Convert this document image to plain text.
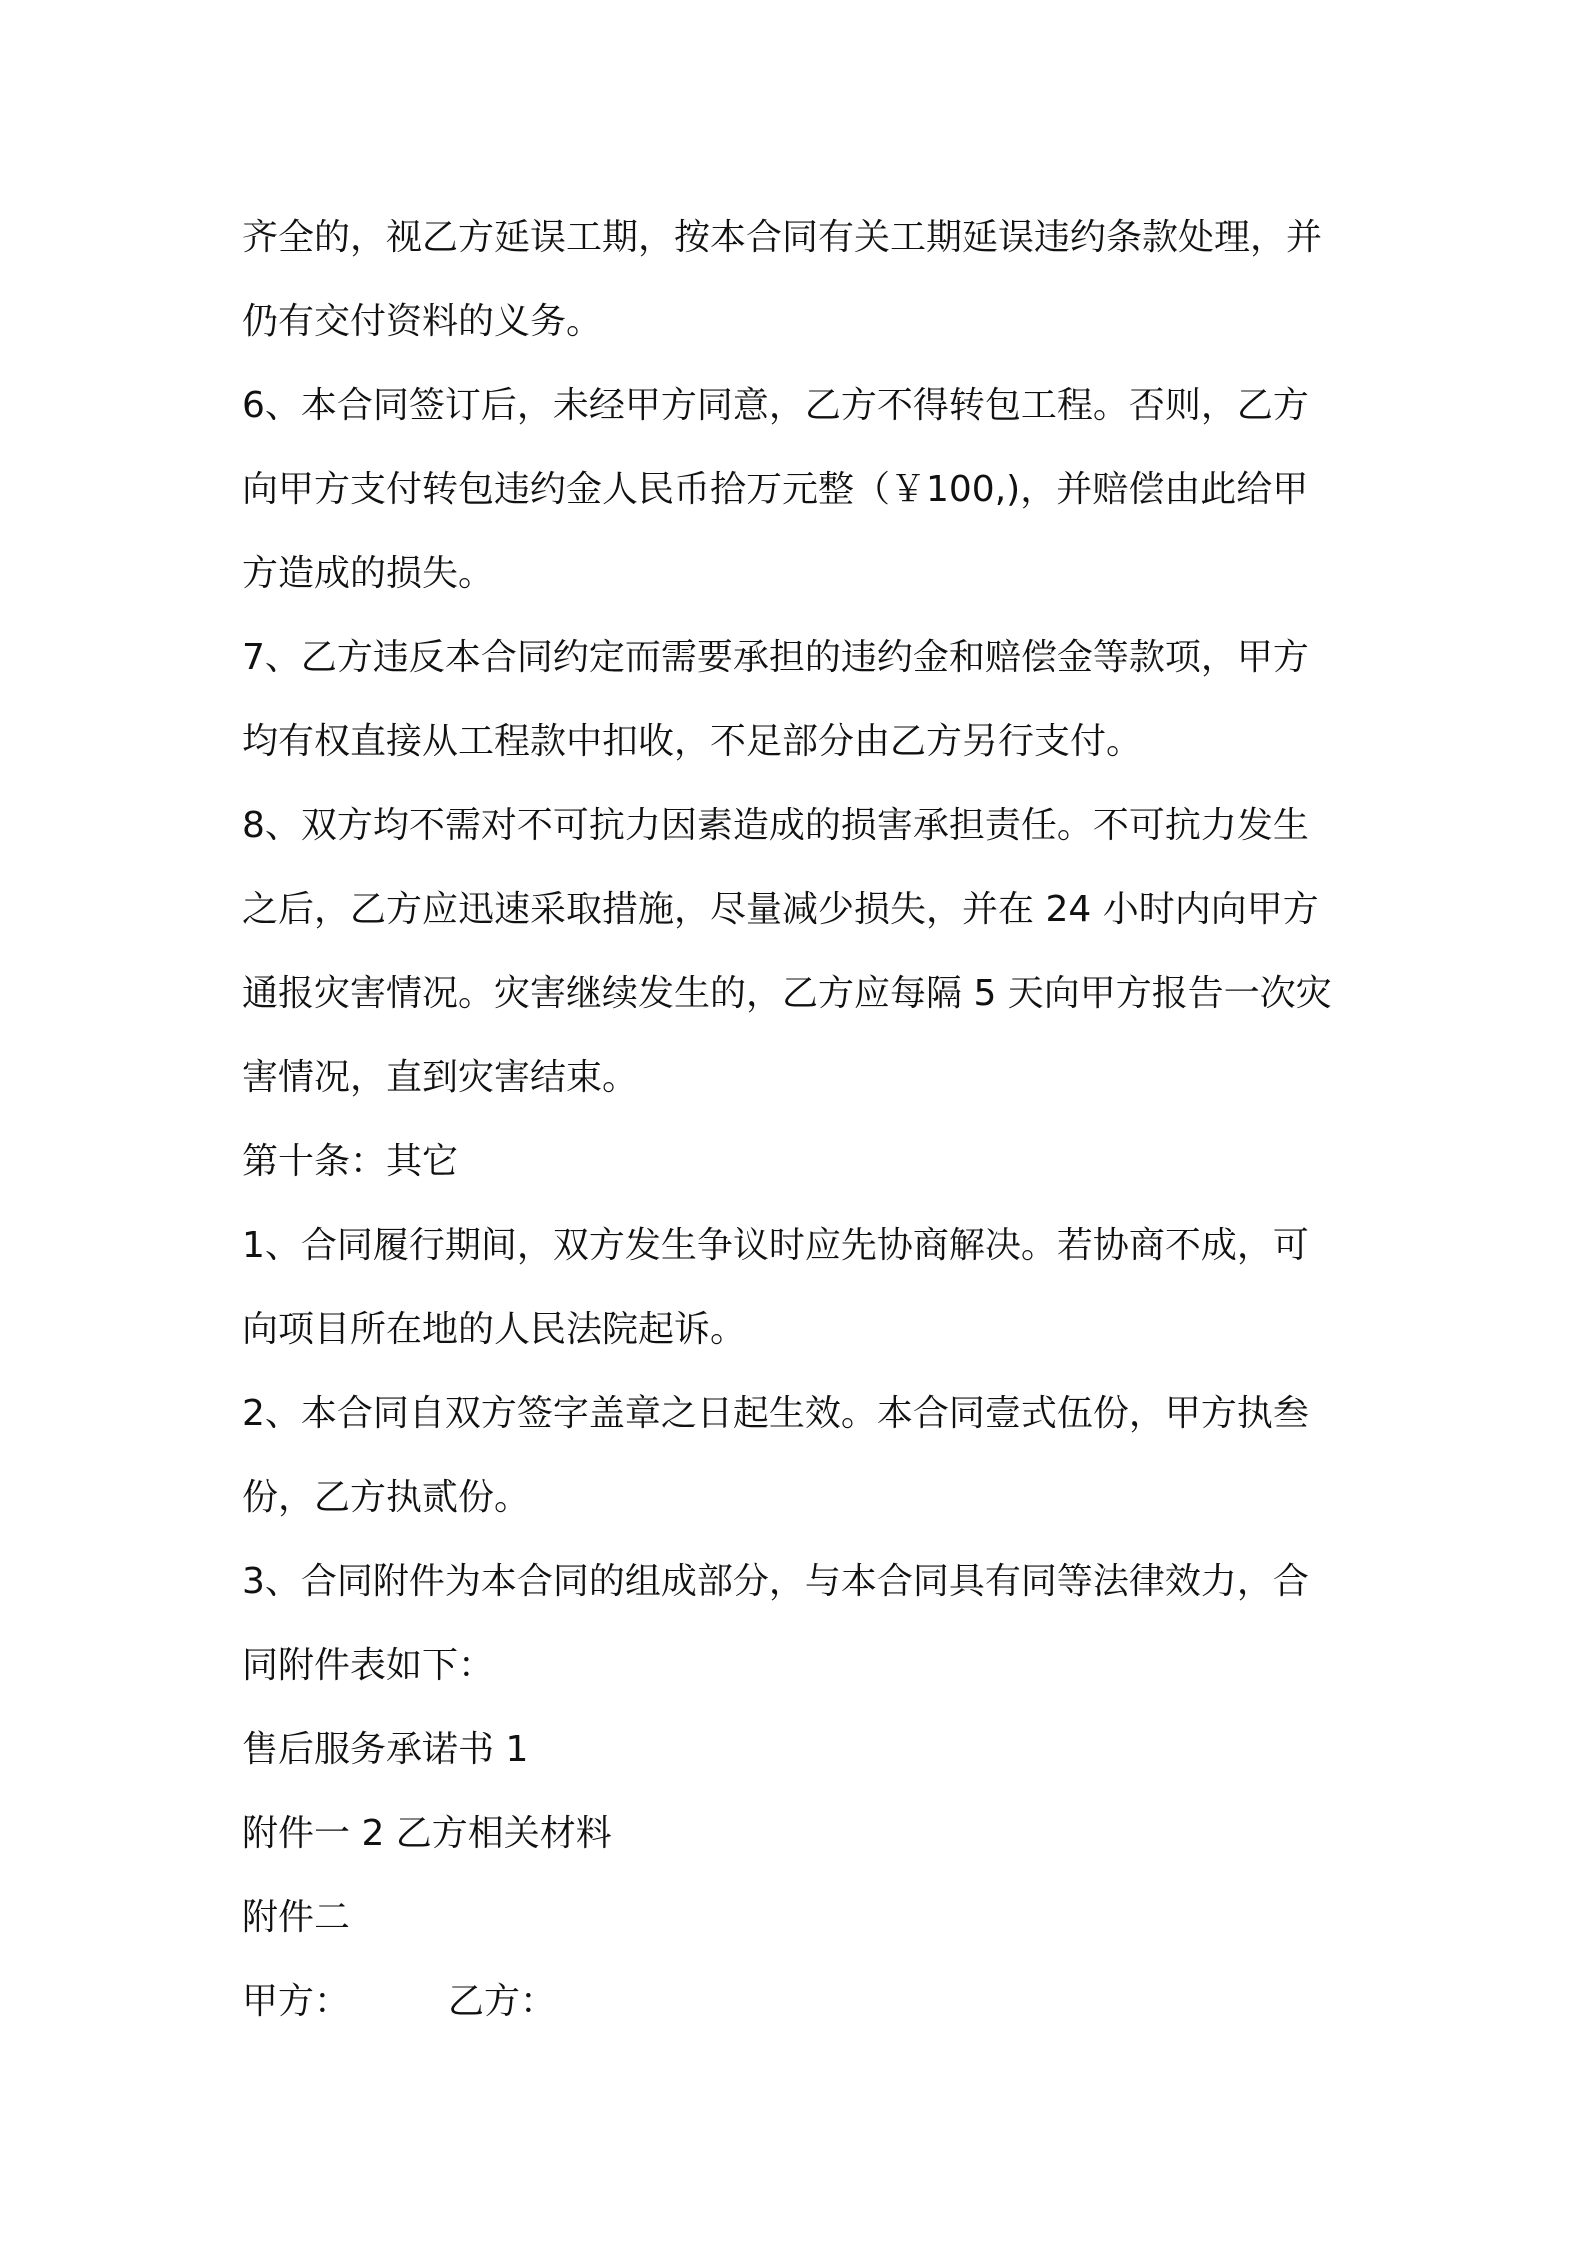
齐全的，视乙方延误工期，按本合同有关工期延误违约条款处理，并
仍有交付资料的义务。
6、本合同签订后，未经甲方同意，乙方不得转包工程。否则，乙方
向甲方支付转包违约金人民币拾万元整（￥100,)，并赔偿由此给甲
方造成的损失。
7、乙方违反本合同约定而需要承担的违约金和赔偿金等款项，甲方
均有权直接从工程款中扣收，不足部分由乙方另行支付。
8、双方均不需对不可抗力因素造成的损害承担责任。不可抗力发生
之后，乙方应迅速采取措施，尽量减少损失，并在 24 小时内向甲方
通报灾害情况。灾害继续发生的，乙方应每隔 5 天向甲方报告一次灾
害情况，直到灾害结束。
第十条：其它
1、合同履行期间，双方发生争议时应先协商解决。若协商不成，可
向项目所在地的人民法院起诉。
2、本合同自双方签字盖章之日起生效。本合同壹式伍份，甲方执叁
份，乙方执贰份。
3、合同附件为本合同的组成部分，与本合同具有同等法律效力，合
同附件表如下：
售后服务承诺书 1
附件一 2 乙方相关材料
附件二
甲方：	乙方：
